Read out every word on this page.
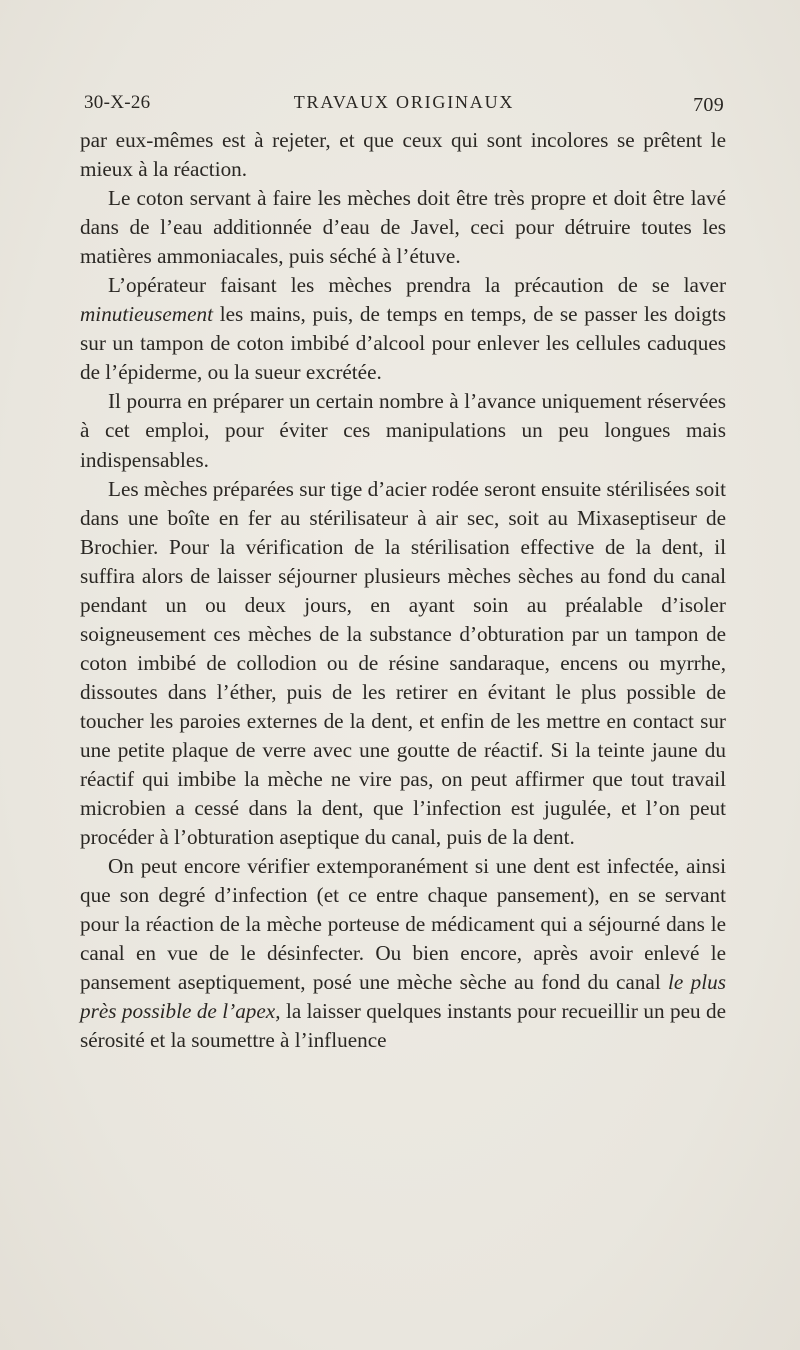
30-X-26	TRAVAUX ORIGINAUX	709

par eux-mêmes est à rejeter, et que ceux qui sont incolores se prêtent le mieux à la réaction.

Le coton servant à faire les mèches doit être très propre et doit être lavé dans de l’eau additionnée d’eau de Javel, ceci pour détruire toutes les matières ammoniacales, puis séché à l’étuve.

L’opérateur faisant les mèches prendra la précaution de se laver minutieusement les mains, puis, de temps en temps, de se passer les doigts sur un tampon de coton imbibé d’alcool pour enlever les cellules caduques de l’épiderme, ou la sueur excrétée.

Il pourra en préparer un certain nombre à l’avance uniquement réservées à cet emploi, pour éviter ces manipulations un peu longues mais indispensables.

Les mèches préparées sur tige d’acier rodée seront ensuite stérilisées soit dans une boîte en fer au stérilisateur à air sec, soit au Mixaseptiseur de Brochier. Pour la vérification de la stérilisation effective de la dent, il suffira alors de laisser séjourner plusieurs mèches sèches au fond du canal pendant un ou deux jours, en ayant soin au préalable d’isoler soigneusement ces mèches de la substance d’obturation par un tampon de coton imbibé de collodion ou de résine sandaraque, encens ou myrrhe, dissoutes dans l’éther, puis de les retirer en évitant le plus possible de toucher les paroies externes de la dent, et enfin de les mettre en contact sur une petite plaque de verre avec une goutte de réactif. Si la teinte jaune du réactif qui imbibe la mèche ne vire pas, on peut affirmer que tout travail microbien a cessé dans la dent, que l’infection est jugulée, et l’on peut procéder à l’obturation aseptique du canal, puis de la dent.

On peut encore vérifier extemporanément si une dent est infectée, ainsi que son degré d’infection (et ce entre chaque pansement), en se servant pour la réaction de la mèche porteuse de médicament qui a séjourné dans le canal en vue de le désinfecter. Ou bien encore, après avoir enlevé le pansement aseptiquement, posé une mèche sèche au fond du canal le plus près possible de l’apex, la laisser quelques instants pour recueillir un peu de sérosité et la soumettre à l’influence
